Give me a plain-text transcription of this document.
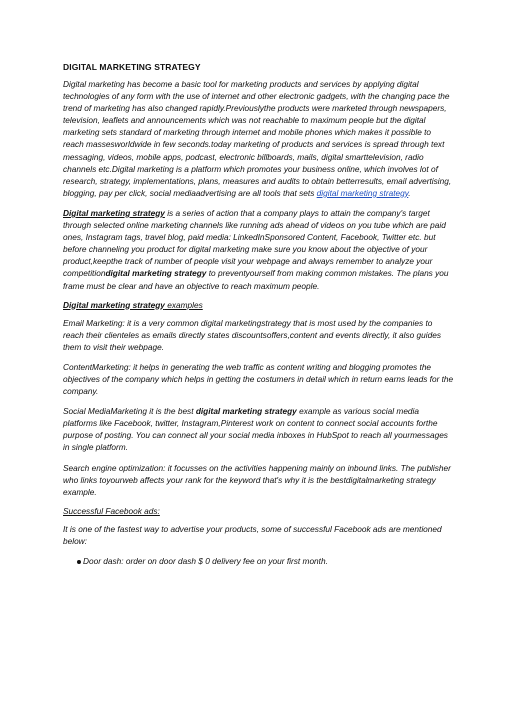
DIGITAL MARKETING STRATEGY

Digital marketing has become a basic tool for marketing products and services by applying digital technologies of any form with the use of internet and other electronic gadgets, with the changing pace the trend of marketing has also changed rapidly.Previouslythe products were marketed through newspapers, television, leaflets and announcements which was not reachable to maximum people but the digital marketing sets standard of marketing through internet and mobile phones which makes it possible to reach massesworldwide in few seconds.today marketing of products and services is spread through text messaging, videos, mobile apps, podcast, electronic billboards, mails, digital smarttelevision, radio channels etc.Digital marketing is a platform which promotes your business online, which involves lot of research, strategy, implementations, plans, measures and audits to obtain betterresults, email advertising, blogging, pay per click, social mediaadvertising are all tools that sets digital marketing strategy.

Digital marketing strategy is a series of action that a company plays to attain the company's target through selected online marketing channels like running ads ahead of videos on you tube which are paid ones, Instagram tags, travel blog, paid media: LinkedInSponsored Content, Facebook, Twitter etc. but before channeling you product for digital marketing make sure you know about the objective of your product,keepthe track of number of people visit your webpage and always remember to analyze your competitiondigital marketing strategy to preventyourself from making common mistakes. The plans you frame must be clear and have an objective to reach maximum people.

Digital marketing strategy examples

Email Marketing: it is a very common digital marketingstrategy that is most used by the companies to reach their clienteles as emails directly states discountsoffers,content and events directly, it also guides them to visit their webpage.

ContentMarketing: it helps in generating the web traffic as content writing and blogging promotes the objectives of the company which helps in getting the costumers in detail which in return earns leads for the company.

Social MediaMarketing it is the best digital marketing strategy example as various social media platforms like Facebook, twitter, Instagram,Pinterest work on content to connect social accounts forthe purpose of posting. You can connect all your social media inboxes in HubSpot to reach all yourmessages in single platform.

Search engine optimization: it focusses on the activities happening mainly on inbound links. The publisher who links toyourweb affects your rank for the keyword that's why it is the bestdigitalmarketing strategy example.

Successful Facebook ads:

It is one of the fastest way to advertise your products, some of successful Facebook ads are mentioned below:

Door dash: order on door dash $ 0 delivery fee on your first month.
